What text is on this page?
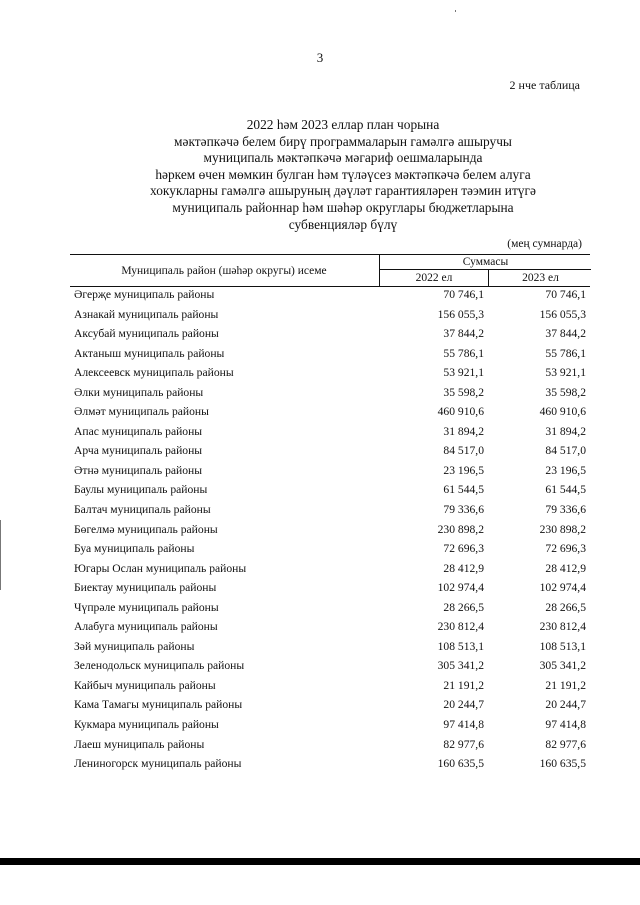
3
2 нче таблица
2022 һәм 2023 еллар план чорына
мәктәпкәчә белем бирү программаларын гамәлгә ашыручы
муниципаль мәктәпкәчә мәгариф оешмаларында
һәркем өчен мөмкин булган һәм түләүсез мәктәпкәчә белем алуга
хокукларны гамәлгә ашыруның дәүләт гарантияләрен тәэмин итүгә
муниципаль районнар һәм шәһәр округлары бюджетларына
субвенцияләр бүлү
(мең сумнарда)
Муниципаль район (шәһәр округы) исеме
Суммасы
2022 ел	2023 ел
Әгерҗе муниципаль районы	70 746,1	70 746,1
Азнакай муниципаль районы	156 055,3	156 055,3
Аксубай муниципаль районы	37 844,2	37 844,2
Актаныш муниципаль районы	55 786,1	55 786,1
Алексеевск муниципаль районы	53 921,1	53 921,1
Әлки муниципаль районы	35 598,2	35 598,2
Әлмәт муниципаль районы	460 910,6	460 910,6
Апас муниципаль районы	31 894,2	31 894,2
Арча муниципаль районы	84 517,0	84 517,0
Әтнә муниципаль районы	23 196,5	23 196,5
Баулы муниципаль районы	61 544,5	61 544,5
Балтач муниципаль районы	79 336,6	79 336,6
Бөгелмә муниципаль районы	230 898,2	230 898,2
Буа муниципаль районы	72 696,3	72 696,3
Югары Ослан муниципаль районы	28 412,9	28 412,9
Биектау муниципаль районы	102 974,4	102 974,4
Чүпрәле муниципаль районы	28 266,5	28 266,5
Алабуга муниципаль районы	230 812,4	230 812,4
Зәй муниципаль районы	108 513,1	108 513,1
Зеленодольск муниципаль районы	305 341,2	305 341,2
Кайбыч муниципаль районы	21 191,2	21 191,2
Кама Тамагы муниципаль районы	20 244,7	20 244,7
Кукмара муниципаль районы	97 414,8	97 414,8
Лаеш муниципаль районы	82 977,6	82 977,6
Лениногорск муниципаль районы	160 635,5	160 635,5
